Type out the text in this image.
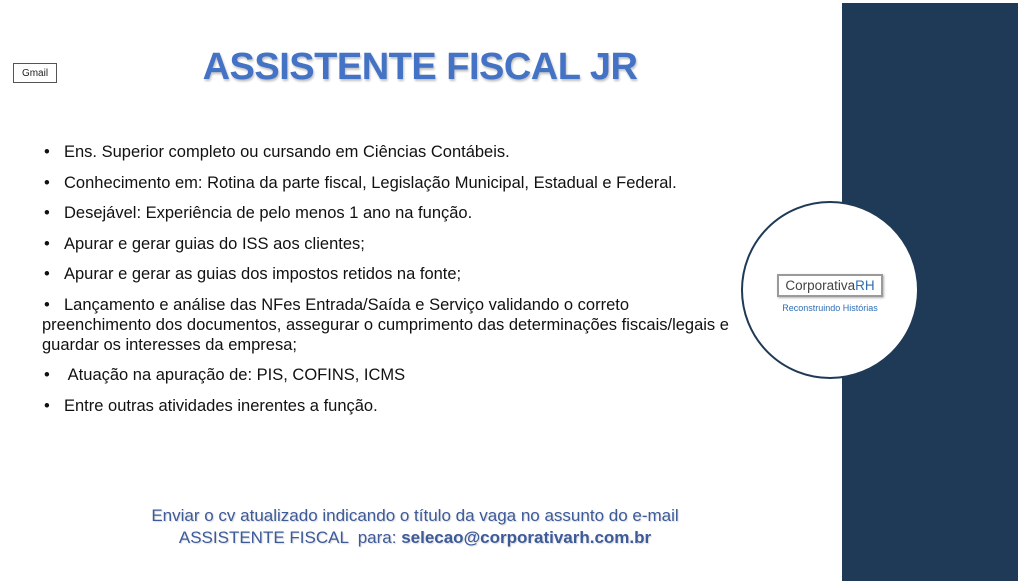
Gmail	ASSISTENTE FISCAL JR
• Ens. Superior completo ou cursando em Ciências Contábeis.
• Conhecimento em: Rotina da parte fiscal, Legislação Municipal, Estadual e Federal.
• Desejável: Experiência de pelo menos 1 ano na função.
• Apurar e gerar guias do ISS aos clientes;
• Apurar e gerar as guias dos impostos retidos na fonte;
• Lançamento e análise das NFes Entrada/Saída e Serviço validando o correto preenchimento dos documentos, assegurar o cumprimento das determinações fiscais/legais e guardar os interesses da empresa;
• Atuação na apuração de: PIS, COFINS, ICMS
• Entre outras atividades inerentes a função.
CorporativaRH
Reconstruindo Histórias
Enviar o cv atualizado indicando o título da vaga no assunto do e-mail
ASSISTENTE FISCAL  para: selecao@corporativarh.com.br
